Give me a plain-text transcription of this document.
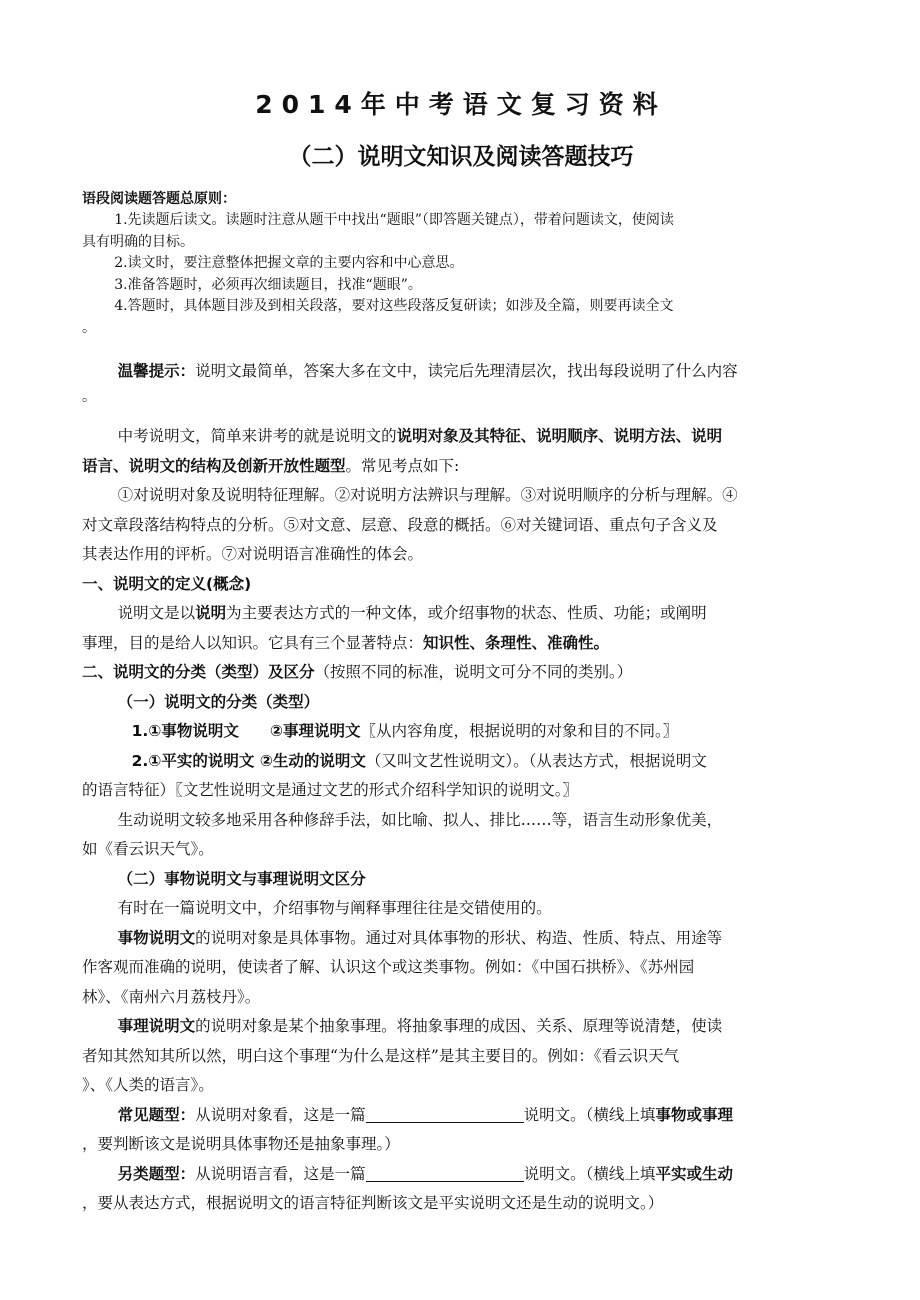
2014年中考语文复习资料
（二）说明文知识及阅读答题技巧

语段阅读题答题总原则：

1.先读题后读文。读题时注意从题干中找出“题眼”（即答题关键点），带着问题读文，使阅读

具有明确的目标。

2.读文时，要注意整体把握文章的主要内容和中心意思。

3.准备答题时，必须再次细读题目，找准“题眼”。

4.答题时，具体题目涉及到相关段落，要对这些段落反复研读；如涉及全篇，则要再读全文

。

温馨提示：说明文最简单，答案大多在文中，读完后先理清层次，找出每段说明了什么内容

。

中考说明文，简单来讲考的就是说明文的说明对象及其特征、说明顺序、说明方法、说明

语言、说明文的结构及创新开放性题型。常见考点如下:

①对说明对象及说明特征理解。②对说明方法辨识与理解。③对说明顺序的分析与理解。④

对文章段落结构特点的分析。⑤对文意、层意、段意的概括。⑥对关键词语、重点句子含义及

其表达作用的评析。⑦对说明语言准确性的体会。

一、说明文的定义(概念)

说明文是以说明为主要表达方式的一种文体，或介绍事物的状态、性质、功能；或阐明

事理，目的是给人以知识。它具有三个显著特点：知识性、条理性、准确性。

二、说明文的分类（类型）及区分（按照不同的标准，说明文可分不同的类别。）

（一）说明文的分类（类型）

1.①事物说明文　　②事理说明文〖从内容角度，根据说明的对象和目的不同。〗

2.①平实的说明文 ②生动的说明文（又叫文艺性说明文）。（从表达方式，根据说明文

的语言特征）〖文艺性说明文是通过文艺的形式介绍科学知识的说明文。〗

生动说明文较多地采用各种修辞手法，如比喻、拟人、排比……等，语言生动形象优美，

如《看云识天气》。

（二）事物说明文与事理说明文区分

有时在一篇说明文中，介绍事物与阐释事理往往是交错使用的。

事物说明文的说明对象是具体事物。通过对具体事物的形状、构造、性质、特点、用途等

作客观而准确的说明，使读者了解、认识这个或这类事物。例如：《中国石拱桥》、《苏州园

林》、《南州六月荔枝丹》。

事理说明文的说明对象是某个抽象事理。将抽象事理的成因、关系、原理等说清楚，使读

者知其然知其所以然，明白这个事理“为什么是这样”是其主要目的。例如：《看云识天气

》、《人类的语言》。

常见题型：从说明对象看，这是一篇	说明文。（横线上填事物或事理

，要判断该文是说明具体事物还是抽象事理。）

另类题型：从说明语言看，这是一篇	说明文。（横线上填平实或生动

，要从表达方式，根据说明文的语言特征判断该文是平实说明文还是生动的说明文。）
